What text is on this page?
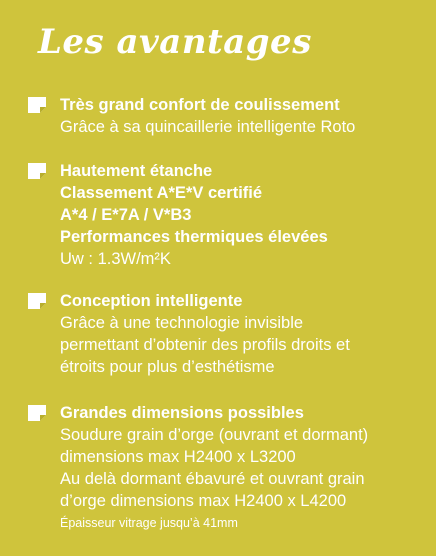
Les avantages
Très grand confort de coulissement
Grâce à sa quincaillerie intelligente Roto
Hautement étanche
Classement A*E*V certifié
A*4 / E*7A / V*B3
Performances thermiques élevées
Uw : 1.3W/m²K
Conception intelligente
Grâce à une technologie invisible
permettant d’obtenir des profils droits et
étroits pour plus d’esthétisme
Grandes dimensions possibles
Soudure grain d’orge (ouvrant et dormant)
dimensions max H2400 x L3200
Au delà dormant ébavuré et ouvrant grain
d’orge dimensions max H2400 x L4200
Épaisseur vitrage jusqu’à 41mm
